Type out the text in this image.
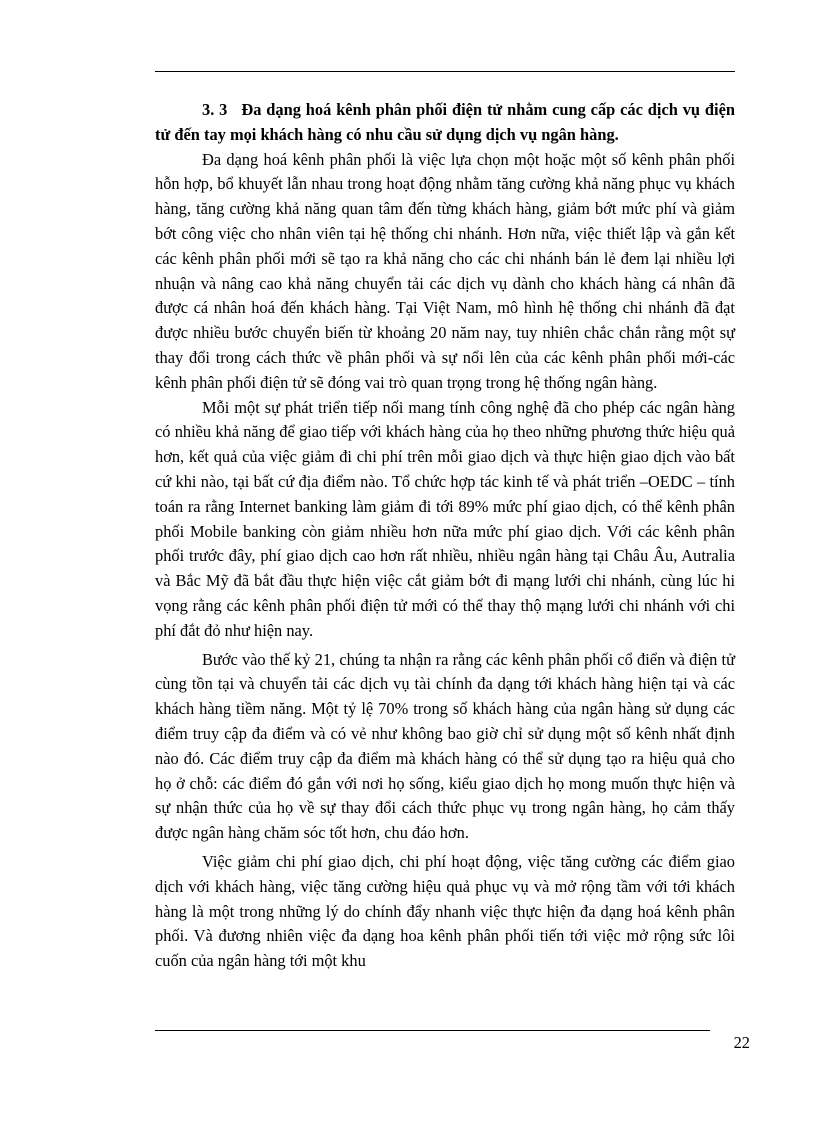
3. 3 Đa dạng hoá kênh phân phối điện tử nhằm cung cấp các dịch vụ điện tử đến tay mọi khách hàng có nhu cầu sử dụng dịch vụ ngân hàng.

Đa dạng hoá kênh phân phối là việc lựa chọn một hoặc một số kênh phân phối hỗn hợp, bổ khuyết lẫn nhau trong hoạt động nhằm tăng cường khả năng phục vụ khách hàng, tăng cường khả năng quan tâm đến từng khách hàng, giảm bớt mức phí và giảm bớt công việc cho nhân viên tại hệ thống chi nhánh. Hơn nữa, việc thiết lập và gắn kết các kênh phân phối mới sẽ tạo ra khả năng cho các chi nhánh bán lẻ đem lại nhiều lợi nhuận và nâng cao khả năng chuyển tải các dịch vụ dành cho khách hàng cá nhân đã được cá nhân hoá đến khách hàng. Tại Việt Nam, mô hình hệ thống chi nhánh đã đạt được nhiều bước chuyển biến từ khoảng 20 năm nay, tuy nhiên chắc chắn rằng một sự thay đổi trong cách thức về phân phối và sự nổi lên của các kênh phân phối mới-các kênh phân phối điện tử sẽ đóng vai trò quan trọng trong hệ thống ngân hàng.

Mỗi một sự phát triển tiếp nối mang tính công nghệ đã cho phép các ngân hàng có nhiều khả năng để giao tiếp với khách hàng của họ theo những phương thức hiệu quả hơn, kết quả của việc giảm đi chi phí trên mỗi giao dịch và thực hiện giao dịch vào bất cứ khi nào, tại bất cứ địa điểm nào. Tổ chức hợp tác kinh tế và phát triển –OEDC – tính toán ra rằng Internet banking làm giảm đi tới 89% mức phí giao dịch, có thể kênh phân phối Mobile banking còn giảm nhiều hơn nữa mức phí giao dịch. Với các kênh phân phối trước đây, phí giao dịch cao hơn rất nhiều, nhiều ngân hàng tại Châu Âu, Autralia và Bắc Mỹ đã bắt đầu thực hiện việc cắt giảm bớt đi mạng lưới chi nhánh, cùng lúc hi vọng rằng các kênh phân phối điện tử mới có thể thay thộ mạng lưới chi nhánh với chi phí đắt đỏ như hiện nay.

Bước vào thế kỷ 21, chúng ta nhận ra rằng các kênh phân phối cổ điển và điện tử cùng tồn tại và chuyển tải các dịch vụ tài chính đa dạng tới khách hàng hiện tại và các khách hàng tiềm năng. Một tỷ lệ 70% trong số khách hàng của ngân hàng sử dụng các điểm truy cập đa điểm và có vẻ như không bao giờ chỉ sử dụng một số kênh nhất định nào đó. Các điểm truy cập đa điểm mà khách hàng có thể sử dụng tạo ra hiệu quả cho họ ở chỗ: các điểm đó gắn với nơi họ sống, kiểu giao dịch họ mong muốn thực hiện và sự nhận thức của họ về sự thay đổi cách thức phục vụ trong ngân hàng, họ cảm thấy được ngân hàng chăm sóc tốt hơn, chu đáo hơn.

Việc giảm chi phí giao dịch, chi phí hoạt động, việc tăng cường các điểm giao dịch với khách hàng, việc tăng cường hiệu quả phục vụ và mở rộng tầm với tới khách hàng là một trong những lý do chính đẩy nhanh việc thực hiện đa dạng hoá kênh phân phối. Và đương nhiên việc đa dạng hoa kênh phân phối tiến tới việc mở rộng sức lôi cuốn của ngân hàng tới một khu

22
